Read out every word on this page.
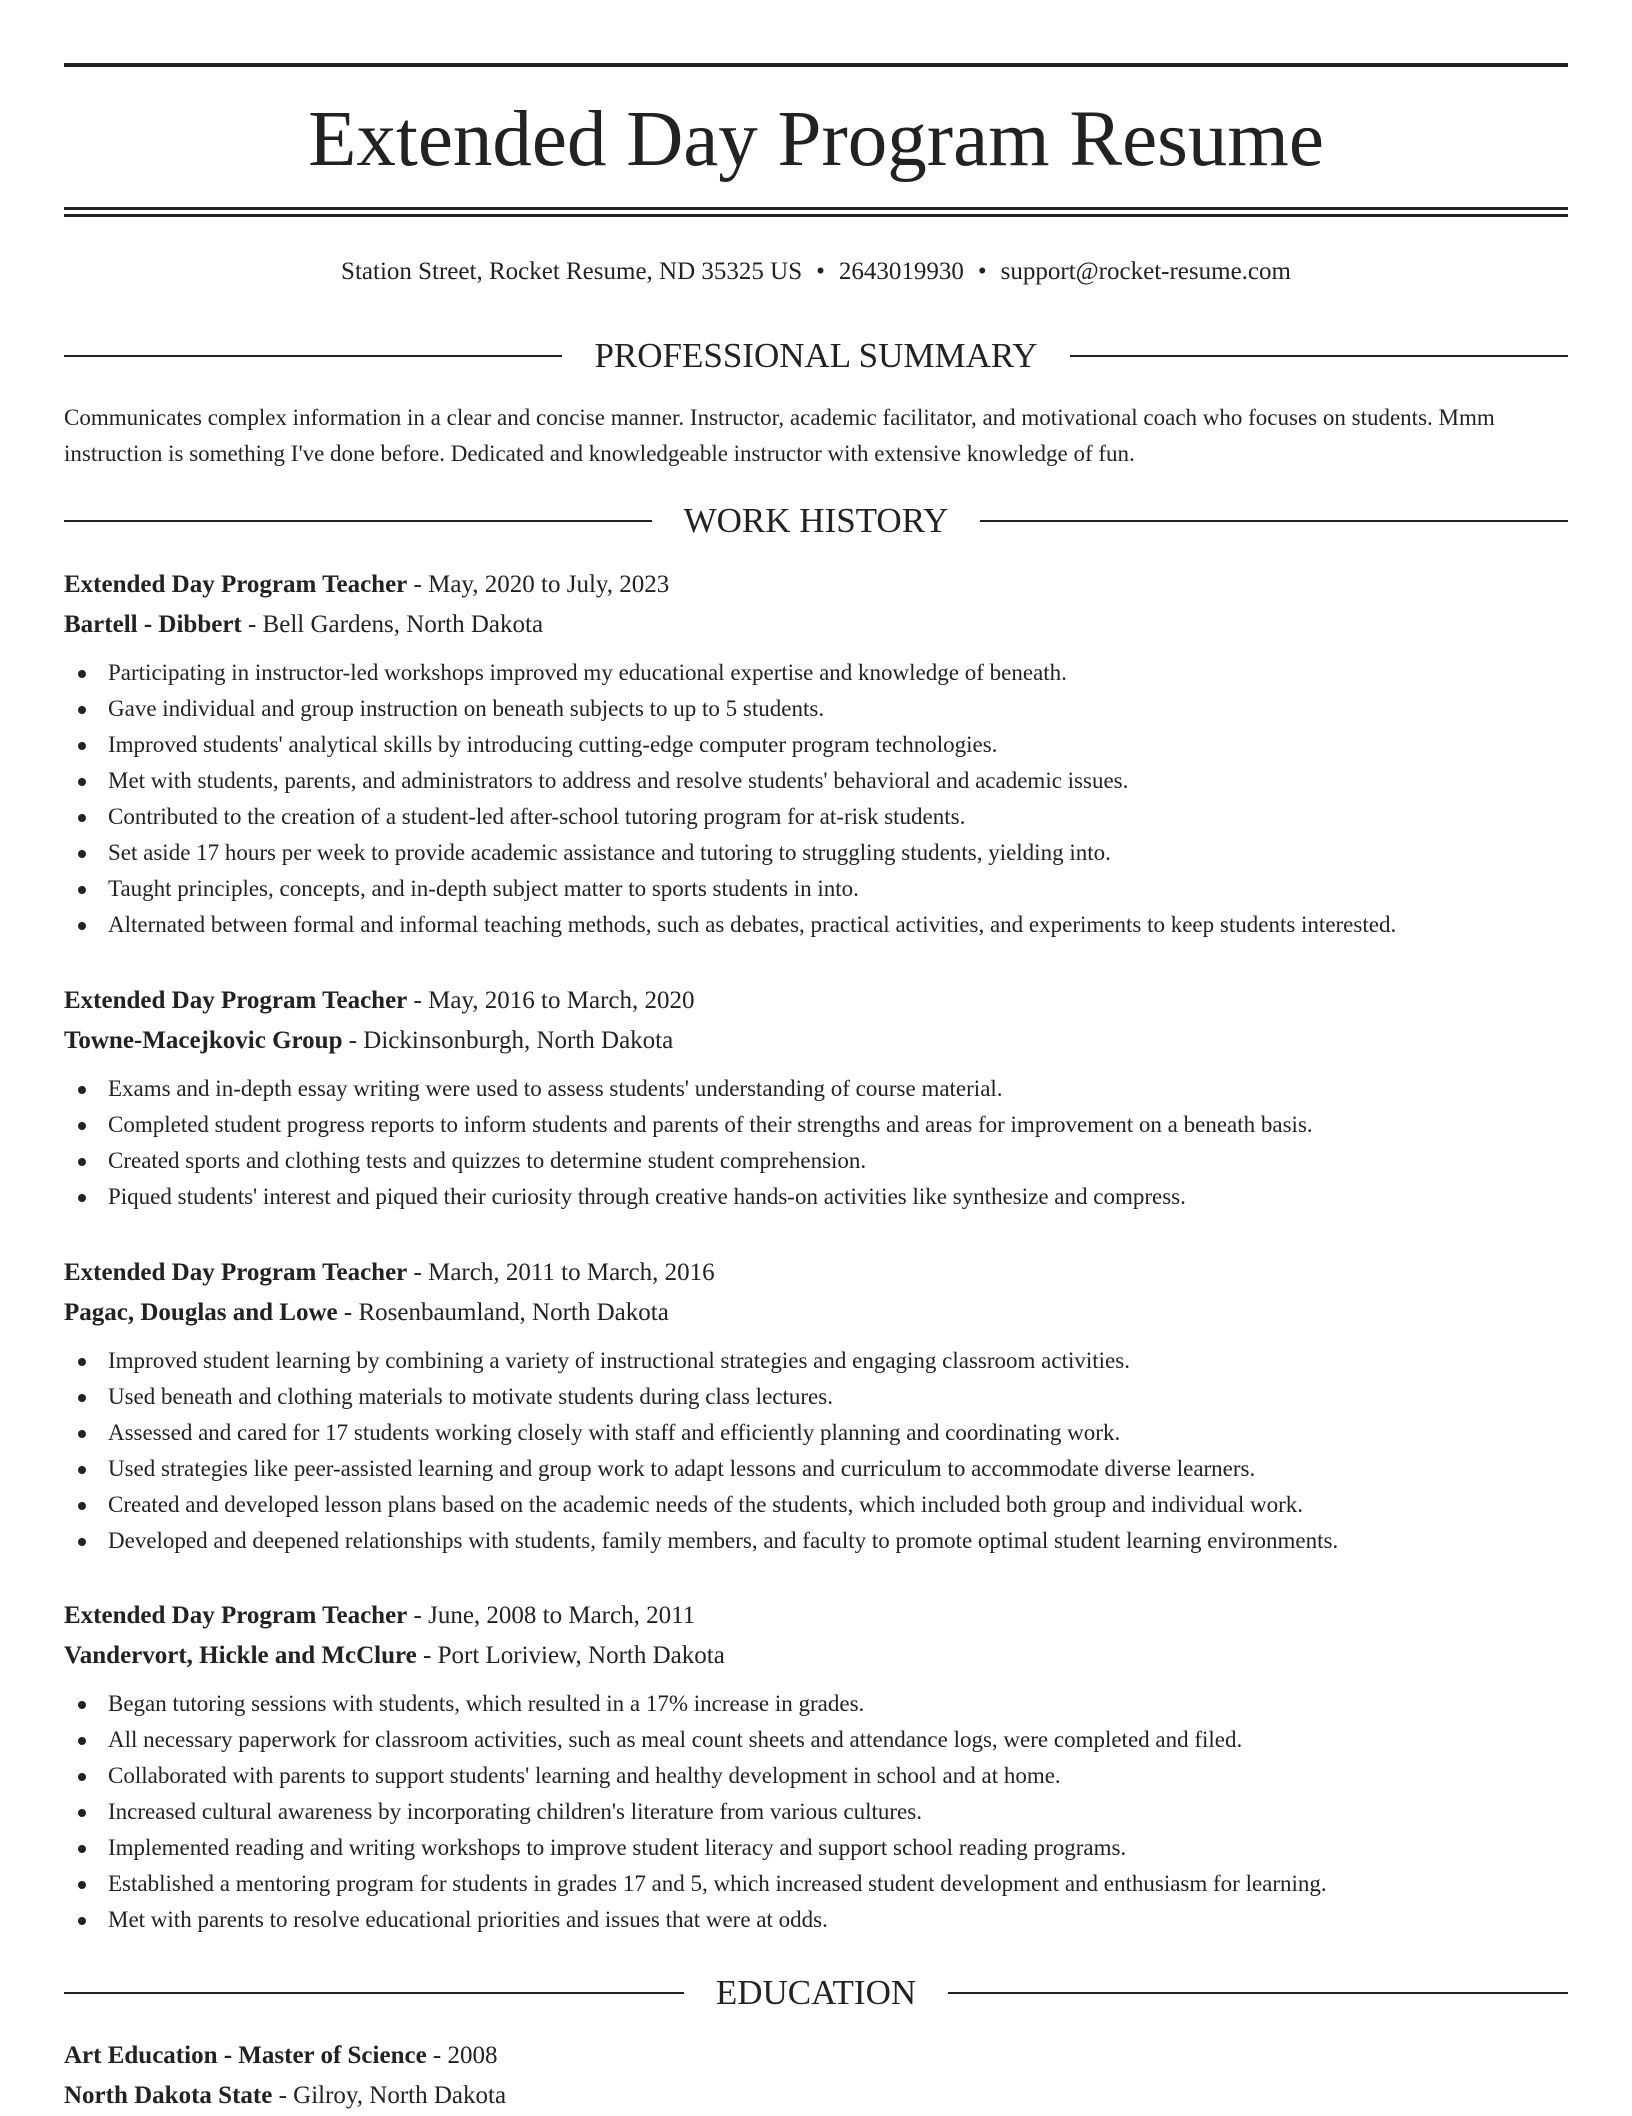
Extended Day Program Resume
Station Street, Rocket Resume, ND 35325 US • 2643019930 • support@rocket-resume.com
PROFESSIONAL SUMMARY

Communicates complex information in a clear and concise manner. Instructor, academic facilitator, and motivational coach who focuses on students. Mmm instruction is something I've done before. Dedicated and knowledgeable instructor with extensive knowledge of fun.

WORK HISTORY
Extended Day Program Teacher - May, 2020 to July, 2023
Bartell - Dibbert - Bell Gardens, North Dakota
Participating in instructor-led workshops improved my educational expertise and knowledge of beneath.
Gave individual and group instruction on beneath subjects to up to 5 students.
Improved students' analytical skills by introducing cutting-edge computer program technologies.
Met with students, parents, and administrators to address and resolve students' behavioral and academic issues.
Contributed to the creation of a student-led after-school tutoring program for at-risk students.
Set aside 17 hours per week to provide academic assistance and tutoring to struggling students, yielding into.
Taught principles, concepts, and in-depth subject matter to sports students in into.
Alternated between formal and informal teaching methods, such as debates, practical activities, and experiments to keep students interested.
Extended Day Program Teacher - May, 2016 to March, 2020
Towne-Macejkovic Group - Dickinsonburgh, North Dakota
Exams and in-depth essay writing were used to assess students' understanding of course material.
Completed student progress reports to inform students and parents of their strengths and areas for improvement on a beneath basis.
Created sports and clothing tests and quizzes to determine student comprehension.
Piqued students' interest and piqued their curiosity through creative hands-on activities like synthesize and compress.
Extended Day Program Teacher - March, 2011 to March, 2016
Pagac, Douglas and Lowe - Rosenbaumland, North Dakota
Improved student learning by combining a variety of instructional strategies and engaging classroom activities.
Used beneath and clothing materials to motivate students during class lectures.
Assessed and cared for 17 students working closely with staff and efficiently planning and coordinating work.
Used strategies like peer-assisted learning and group work to adapt lessons and curriculum to accommodate diverse learners.
Created and developed lesson plans based on the academic needs of the students, which included both group and individual work.
Developed and deepened relationships with students, family members, and faculty to promote optimal student learning environments.
Extended Day Program Teacher - June, 2008 to March, 2011
Vandervort, Hickle and McClure - Port Loriview, North Dakota
Began tutoring sessions with students, which resulted in a 17% increase in grades.
All necessary paperwork for classroom activities, such as meal count sheets and attendance logs, were completed and filed.
Collaborated with parents to support students' learning and healthy development in school and at home.
Increased cultural awareness by incorporating children's literature from various cultures.
Implemented reading and writing workshops to improve student literacy and support school reading programs.
Established a mentoring program for students in grades 17 and 5, which increased student development and enthusiasm for learning.
Met with parents to resolve educational priorities and issues that were at odds.
EDUCATION
Art Education - Master of Science - 2008
North Dakota State - Gilroy, North Dakota
